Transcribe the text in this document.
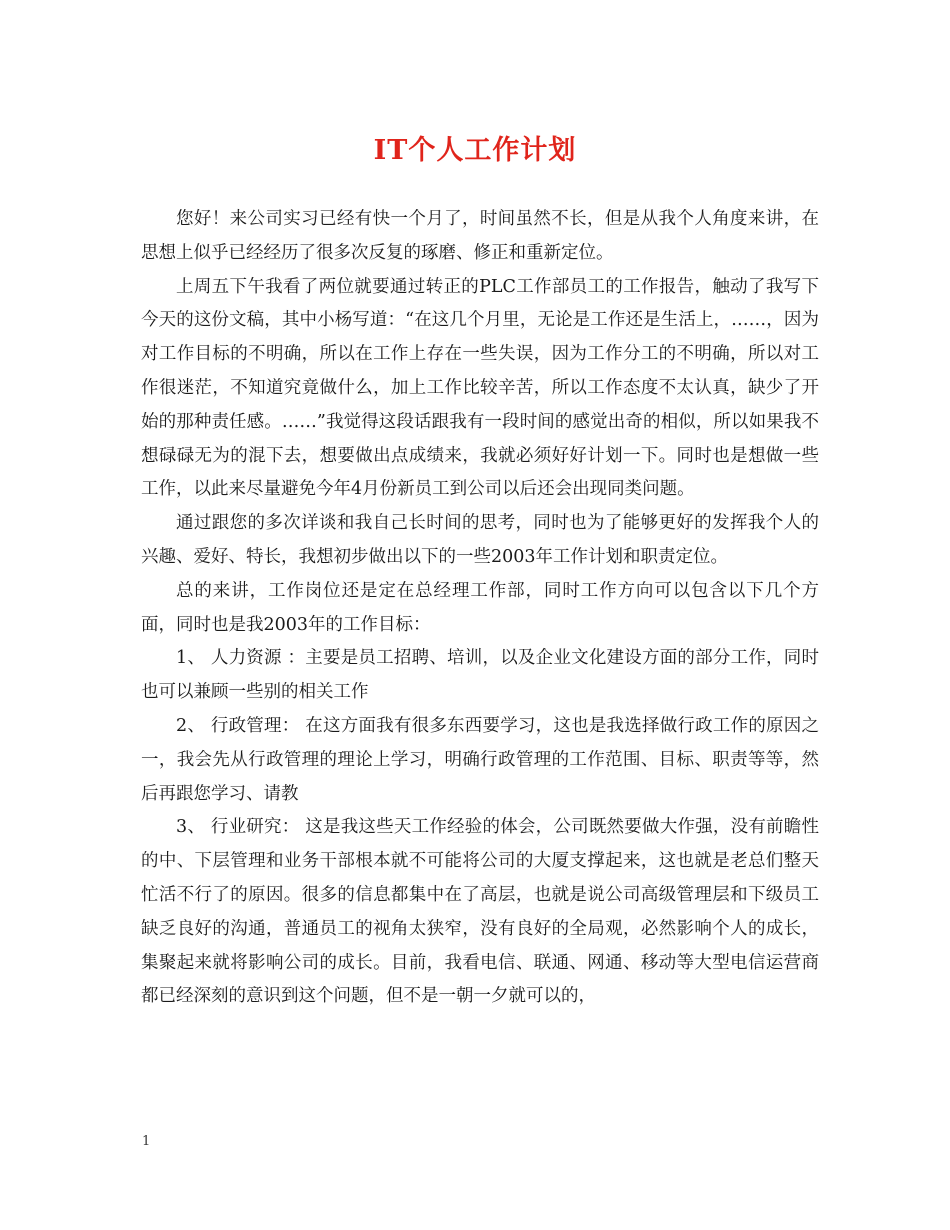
IT个人工作计划

您好！来公司实习已经有快一个月了，时间虽然不长，但是从我个人角度来讲，在思想上似乎已经经历了很多次反复的琢磨、修正和重新定位。

上周五下午我看了两位就要通过转正的PLC工作部员工的工作报告，触动了我写下今天的这份文稿，其中小杨写道：“在这几个月里，无论是工作还是生活上，……，因为对工作目标的不明确，所以在工作上存在一些失误，因为工作分工的不明确，所以对工作很迷茫，不知道究竟做什么，加上工作比较辛苦，所以工作态度不太认真，缺少了开始的那种责任感。……”我觉得这段话跟我有一段时间的感觉出奇的相似，所以如果我不想碌碌无为的混下去，想要做出点成绩来，我就必须好好计划一下。同时也是想做一些工作，以此来尽量避免今年4月份新员工到公司以后还会出现同类问题。

通过跟您的多次详谈和我自己长时间的思考，同时也为了能够更好的发挥我个人的兴趣、爱好、特长，我想初步做出以下的一些2003年工作计划和职责定位。

总的来讲，工作岗位还是定在总经理工作部，同时工作方向可以包含以下几个方面，同时也是我2003年的工作目标：

1、 人力资源 ：主要是员工招聘、培训，以及企业文化建设方面的部分工作，同时也可以兼顾一些别的相关工作

2、 行政管理： 在这方面我有很多东西要学习，这也是我选择做行政工作的原因之一，我会先从行政管理的理论上学习，明确行政管理的工作范围、目标、职责等等，然后再跟您学习、请教

3、 行业研究： 这是我这些天工作经验的体会，公司既然要做大作强，没有前瞻性的中、下层管理和业务干部根本就不可能将公司的大厦支撑起来，这也就是老总们整天忙活不行了的原因。很多的信息都集中在了高层，也就是说公司高级管理层和下级员工缺乏良好的沟通，普通员工的视角太狭窄，没有良好的全局观，必然影响个人的成长，集聚起来就将影响公司的成长。目前，我看电信、联通、网通、移动等大型电信运营商都已经深刻的意识到这个问题，但不是一朝一夕就可以的，

1
